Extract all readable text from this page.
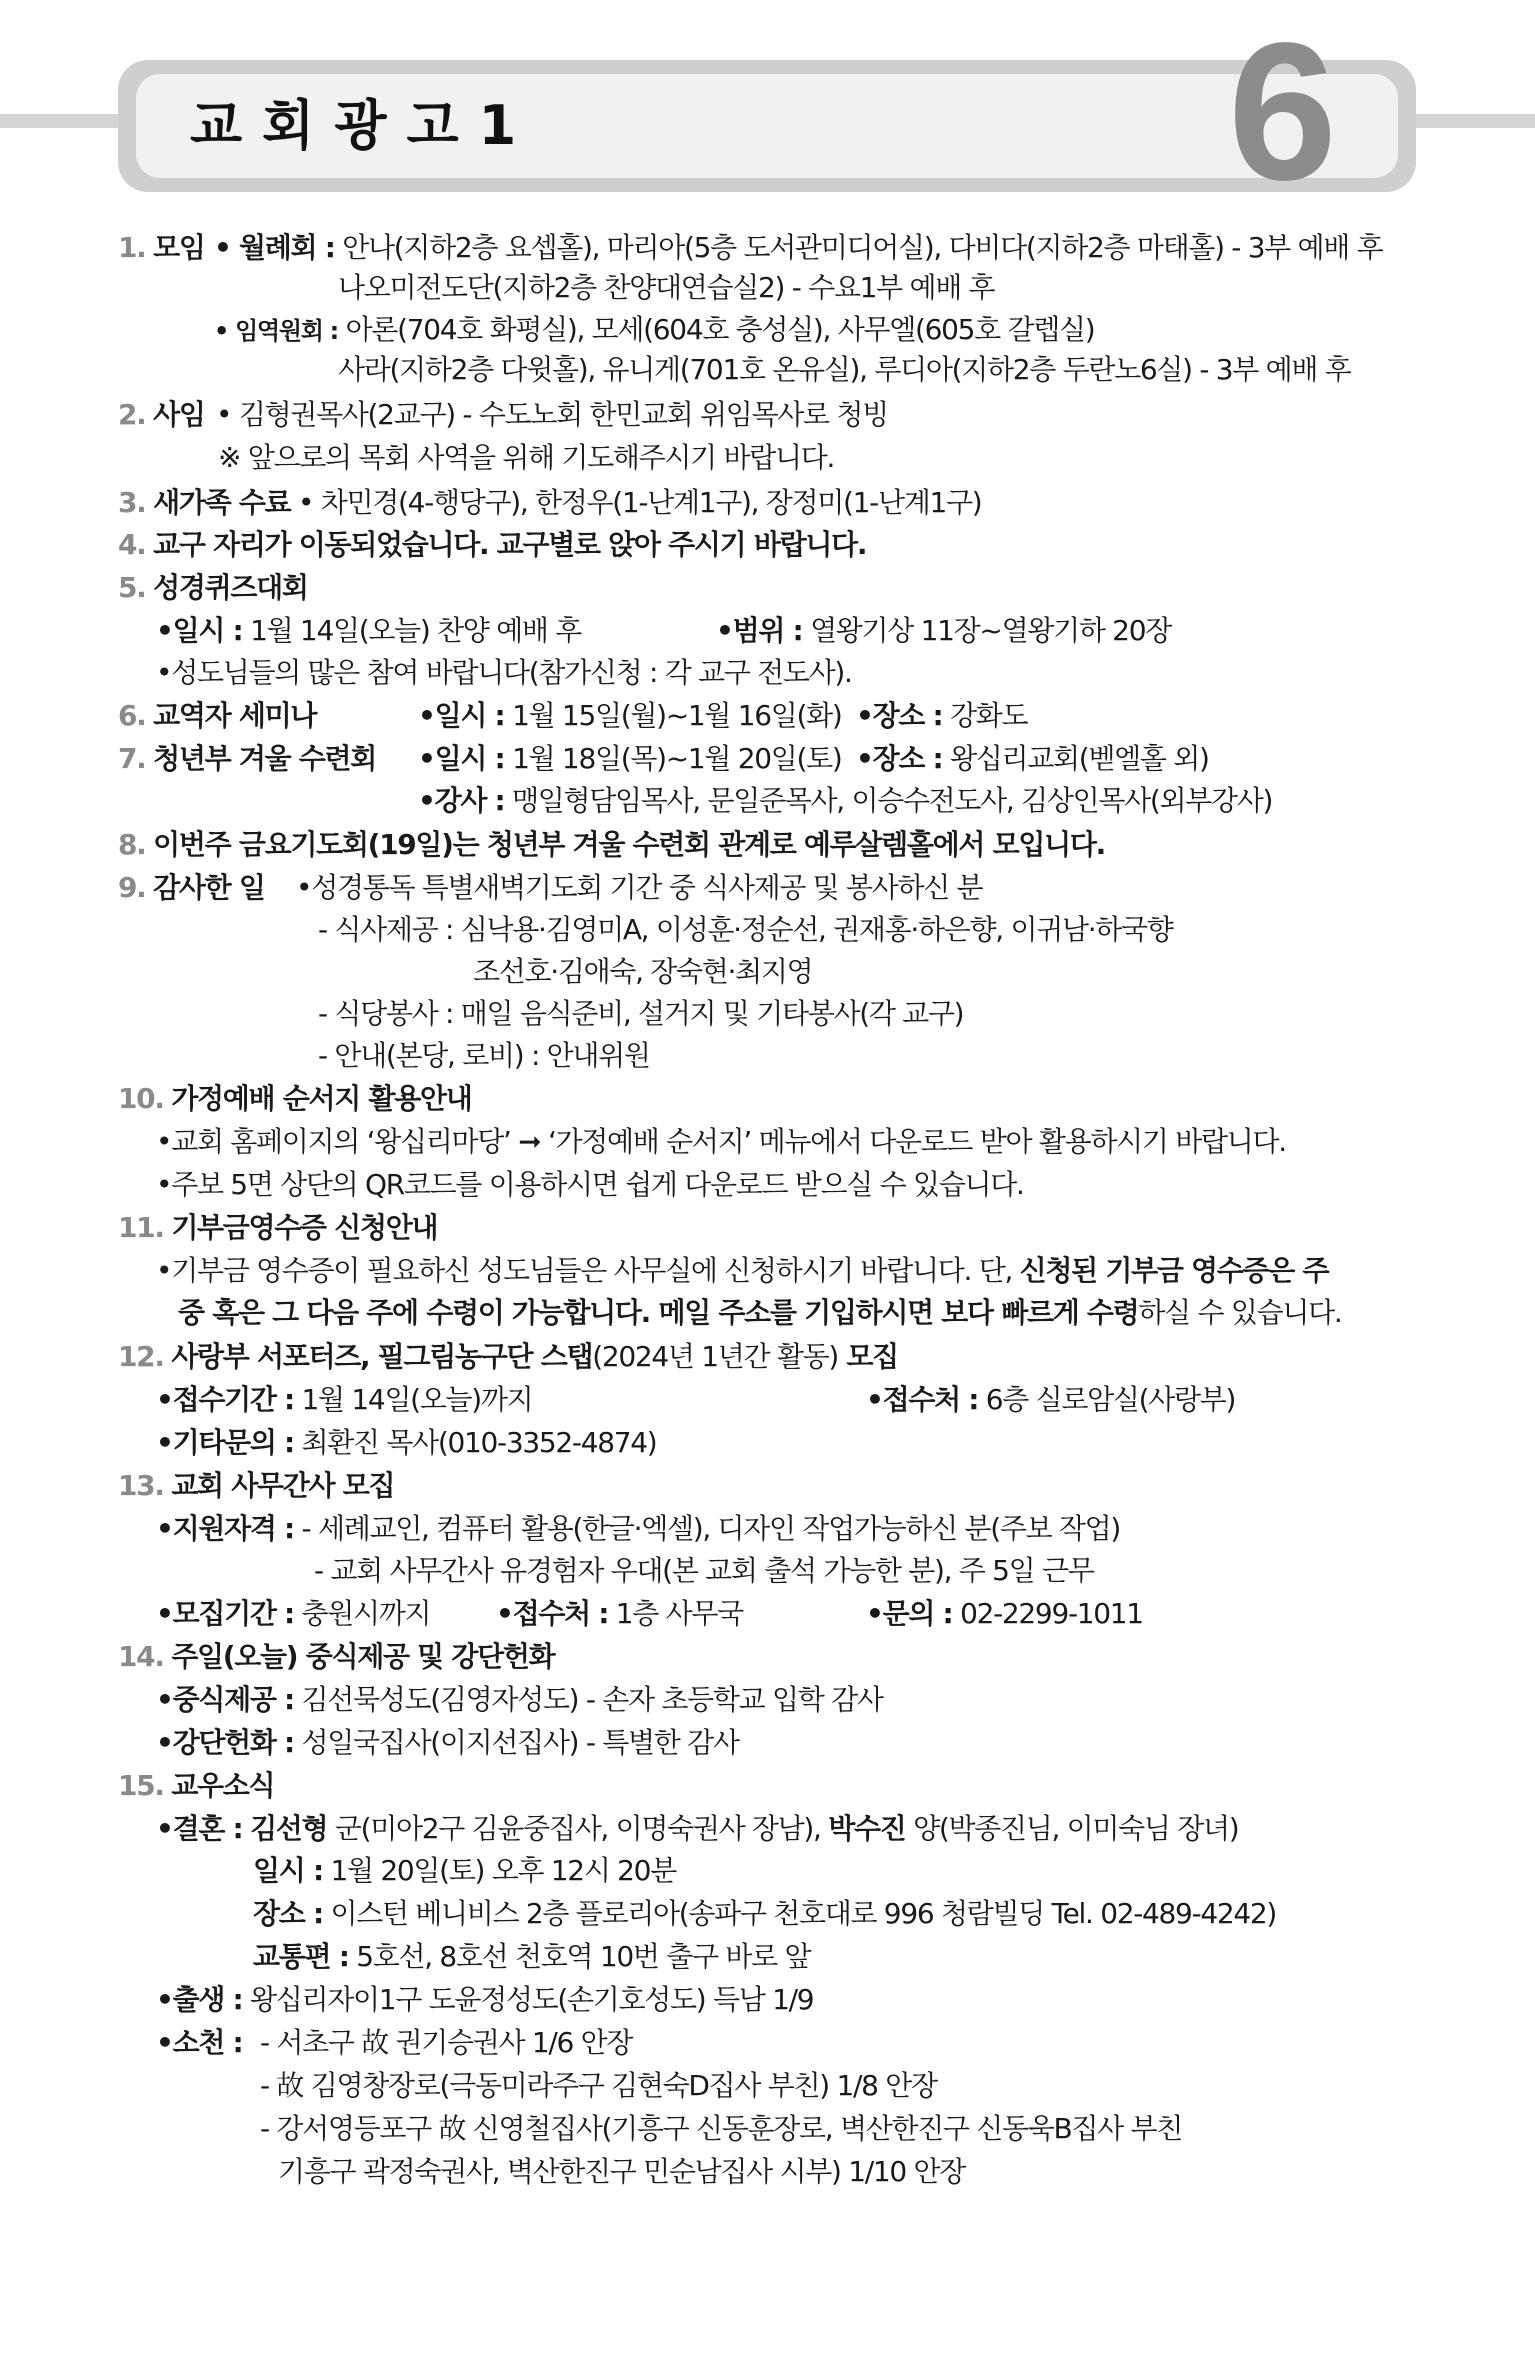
교회광고1	6
1. 모임 • 월례회 : 안나(지하2층 요셉홀), 마리아(5층 도서관미디어실), 다비다(지하2층 마태홀) - 3부 예배 후
나오미전도단(지하2층 찬양대연습실2) - 수요1부 예배 후
• 임역원회 : 아론(704호 화평실), 모세(604호 충성실), 사무엘(605호 갈렙실)
사라(지하2층 다윗홀), 유니게(701호 온유실), 루디아(지하2층 두란노6실) - 3부 예배 후
2. 사임 • 김형권목사(2교구) - 수도노회 한민교회 위임목사로 청빙
※ 앞으로의 목회 사역을 위해 기도해주시기 바랍니다.
3. 새가족 수료 • 차민경(4-행당구), 한정우(1-난계1구), 장정미(1-난계1구)
4. 교구 자리가 이동되었습니다. 교구별로 앉아 주시기 바랍니다.
5. 성경퀴즈대회
•일시 : 1월 14일(오늘) 찬양 예배 후	•범위 : 열왕기상 11장~열왕기하 20장
•성도님들의 많은 참여 바랍니다(참가신청 : 각 교구 전도사).
6. 교역자 세미나	•일시 : 1월 15일(월)~1월 16일(화) •장소 : 강화도
7. 청년부 겨울 수련회 •일시 : 1월 18일(목)~1월 20일(토) •장소 : 왕십리교회(벧엘홀 외)
•강사 : 맹일형담임목사, 문일준목사, 이승수전도사, 김상인목사(외부강사)
8. 이번주 금요기도회(19일)는 청년부 겨울 수련회 관계로 예루살렘홀에서 모입니다.
9. 감사한 일 •성경통독 특별새벽기도회 기간 중 식사제공 및 봉사하신 분
- 식사제공 : 심낙용·김영미A, 이성훈·정순선, 권재홍·하은향, 이귀남·하국향
조선호·김애숙, 장숙현·최지영
- 식당봉사 : 매일 음식준비, 설거지 및 기타봉사(각 교구)
- 안내(본당, 로비) : 안내위원
10. 가정예배 순서지 활용안내
•교회 홈페이지의 ‘왕십리마당’ ➞ ‘가정예배 순서지’ 메뉴에서 다운로드 받아 활용하시기 바랍니다.
•주보 5면 상단의 QR코드를 이용하시면 쉽게 다운로드 받으실 수 있습니다.
11. 기부금영수증 신청안내
•기부금 영수증이 필요하신 성도님들은 사무실에 신청하시기 바랍니다. 단, 신청된 기부금 영수증은 주
중 혹은 그 다음 주에 수령이 가능합니다. 메일 주소를 기입하시면 보다 빠르게 수령하실 수 있습니다.
12. 사랑부 서포터즈, 필그림농구단 스탭(2024년 1년간 활동) 모집
•접수기간 : 1월 14일(오늘)까지	•접수처 : 6층 실로암실(사랑부)
•기타문의 : 최환진 목사(010-3352-4874)
13. 교회 사무간사 모집
•지원자격 : - 세례교인, 컴퓨터 활용(한글·엑셀), 디자인 작업가능하신 분(주보 작업)
- 교회 사무간사 유경험자 우대(본 교회 출석 가능한 분), 주 5일 근무
•모집기간 : 충원시까지 •접수처 : 1층 사무국	•문의 : 02-2299-1011
14. 주일(오늘) 중식제공 및 강단헌화
•중식제공 : 김선묵성도(김영자성도) - 손자 초등학교 입학 감사
•강단헌화 : 성일국집사(이지선집사) - 특별한 감사
15. 교우소식
•결혼 : 김선형 군(미아2구 김윤중집사, 이명숙권사 장남), 박수진 양(박종진님, 이미숙님 장녀)
일시 : 1월 20일(토) 오후 12시 20분
장소 : 이스턴 베니비스 2층 플로리아(송파구 천호대로 996 청람빌딩 Tel. 02-489-4242)
교통편 : 5호선, 8호선 천호역 10번 출구 바로 앞
•출생 : 왕십리자이1구 도윤정성도(손기호성도) 득남 1/9
•소천 : - 서초구 故 권기승권사 1/6 안장
- 故 김영창장로(극동미라주구 김현숙D집사 부친) 1/8 안장
- 강서영등포구 故 신영철집사(기흥구 신동훈장로, 벽산한진구 신동욱B집사 부친
기흥구 곽정숙권사, 벽산한진구 민순남집사 시부) 1/10 안장
